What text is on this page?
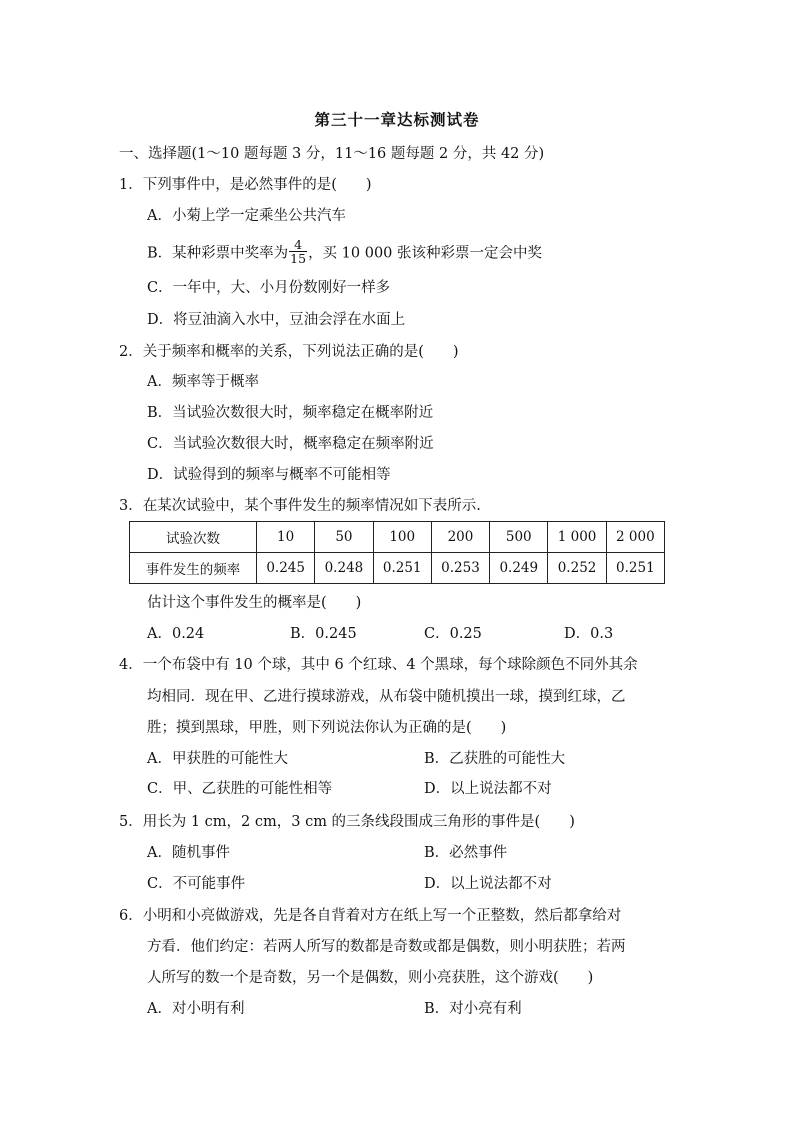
第三十一章达标测试卷
一、选择题(1～10 题每题 3 分，11～16 题每题 2 分，共 42 分)
1．下列事件中，是必然事件的是(　　)
A．小菊上学一定乘坐公共汽车
B．某种彩票中奖率为 $\frac{4}{15}$ ，买 10 000 张该种彩票一定会中奖
C．一年中，大、小月份数刚好一样多
D．将豆油滴入水中，豆油会浮在水面上
2．关于频率和概率的关系，下列说法正确的是(　　)
A．频率等于概率
B．当试验次数很大时，频率稳定在概率附近
C．当试验次数很大时，概率稳定在频率附近
D．试验得到的频率与概率不可能相等
3．在某次试验中，某个事件发生的频率情况如下表所示.
试验次数	10	50	100	200	500	1 000	2 000
事件发生的频率	0.245	0.248	0.251	0.253	0.249	0.252	0.251
估计这个事件发生的概率是(　　)
A．0.24	B．0.245	C．0.25	D．0.3
4．一个布袋中有 10 个球，其中 6 个红球、4 个黑球，每个球除颜色不同外其余
均相同．现在甲、乙进行摸球游戏，从布袋中随机摸出一球，摸到红球，乙
胜；摸到黑球，甲胜，则下列说法你认为正确的是(　　)
A．甲获胜的可能性大	B．乙获胜的可能性大
C．甲、乙获胜的可能性相等	D．以上说法都不对
5．用长为 1 cm，2 cm，3 cm 的三条线段围成三角形的事件是(　　)
A．随机事件	B．必然事件
C．不可能事件	D．以上说法都不对
6．小明和小亮做游戏，先是各自背着对方在纸上写一个正整数，然后都拿给对
方看．他们约定：若两人所写的数都是奇数或都是偶数，则小明获胜；若两
人所写的数一个是奇数，另一个是偶数，则小亮获胜，这个游戏(　　)
A．对小明有利	B．对小亮有利
